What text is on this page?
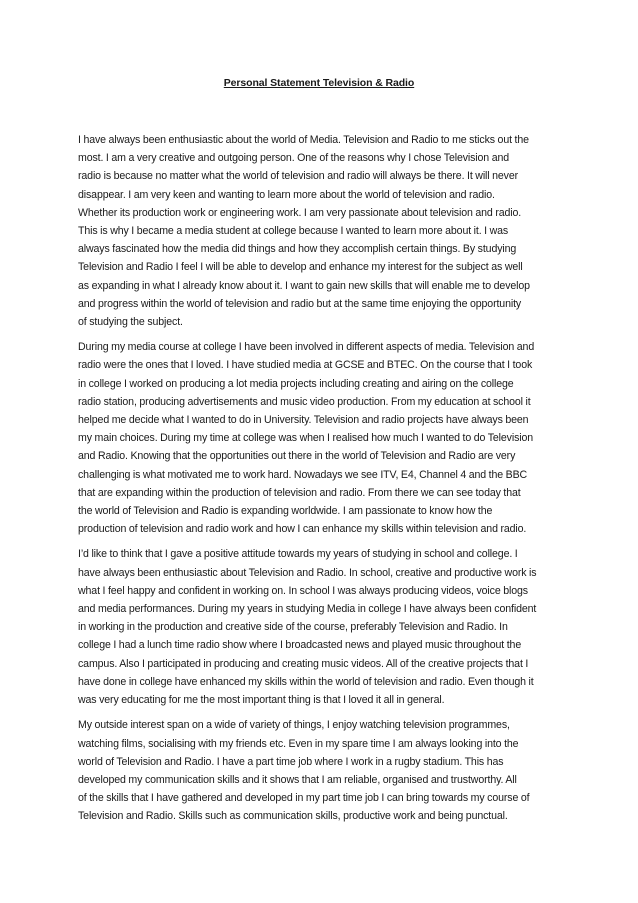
Personal Statement Television & Radio

I have always been enthusiastic about the world of Media. Television and Radio to me sticks out the
most. I am a very creative and outgoing person. One of the reasons why I chose Television and
radio is because no matter what the world of television and radio will always be there. It will never
disappear. I am very keen and wanting to learn more about the world of television and radio.
Whether its production work or engineering work. I am very passionate about television and radio.
This is why I became a media student at college because I wanted to learn more about it. I was
always fascinated how the media did things and how they accomplish certain things. By studying
Television and Radio I feel I will be able to develop and enhance my interest for the subject as well
as expanding in what I already know about it. I want to gain new skills that will enable me to develop
and progress within the world of television and radio but at the same time enjoying the opportunity
of studying the subject.

During my media course at college I have been involved in different aspects of media. Television and
radio were the ones that I loved. I have studied media at GCSE and BTEC. On the course that I took
in college I worked on producing a lot media projects including creating and airing on the college
radio station, producing advertisements and music video production. From my education at school it
helped me decide what I wanted to do in University. Television and radio projects have always been
my main choices. During my time at college was when I realised how much I wanted to do Television
and Radio. Knowing that the opportunities out there in the world of Television and Radio are very
challenging is what motivated me to work hard. Nowadays we see ITV, E4, Channel 4 and the BBC
that are expanding within the production of television and radio. From there we can see today that
the world of Television and Radio is expanding worldwide. I am passionate to know how the
production of television and radio work and how I can enhance my skills within television and radio.

I’d like to think that I gave a positive attitude towards my years of studying in school and college. I
have always been enthusiastic about Television and Radio. In school, creative and productive work is
what I feel happy and confident in working on. In school I was always producing videos, voice blogs
and media performances. During my years in studying Media in college I have always been confident
in working in the production and creative side of the course, preferably Television and Radio. In
college I had a lunch time radio show where I broadcasted news and played music throughout the
campus. Also I participated in producing and creating music videos. All of the creative projects that I
have done in college have enhanced my skills within the world of television and radio. Even though it
was very educating for me the most important thing is that I loved it all in general.

My outside interest span on a wide of variety of things, I enjoy watching television programmes,
watching films, socialising with my friends etc. Even in my spare time I am always looking into the
world of Television and Radio. I have a part time job where I work in a rugby stadium. This has
developed my communication skills and it shows that I am reliable, organised and trustworthy. All
of the skills that I have gathered and developed in my part time job I can bring towards my course of
Television and Radio. Skills such as communication skills, productive work and being punctual.
